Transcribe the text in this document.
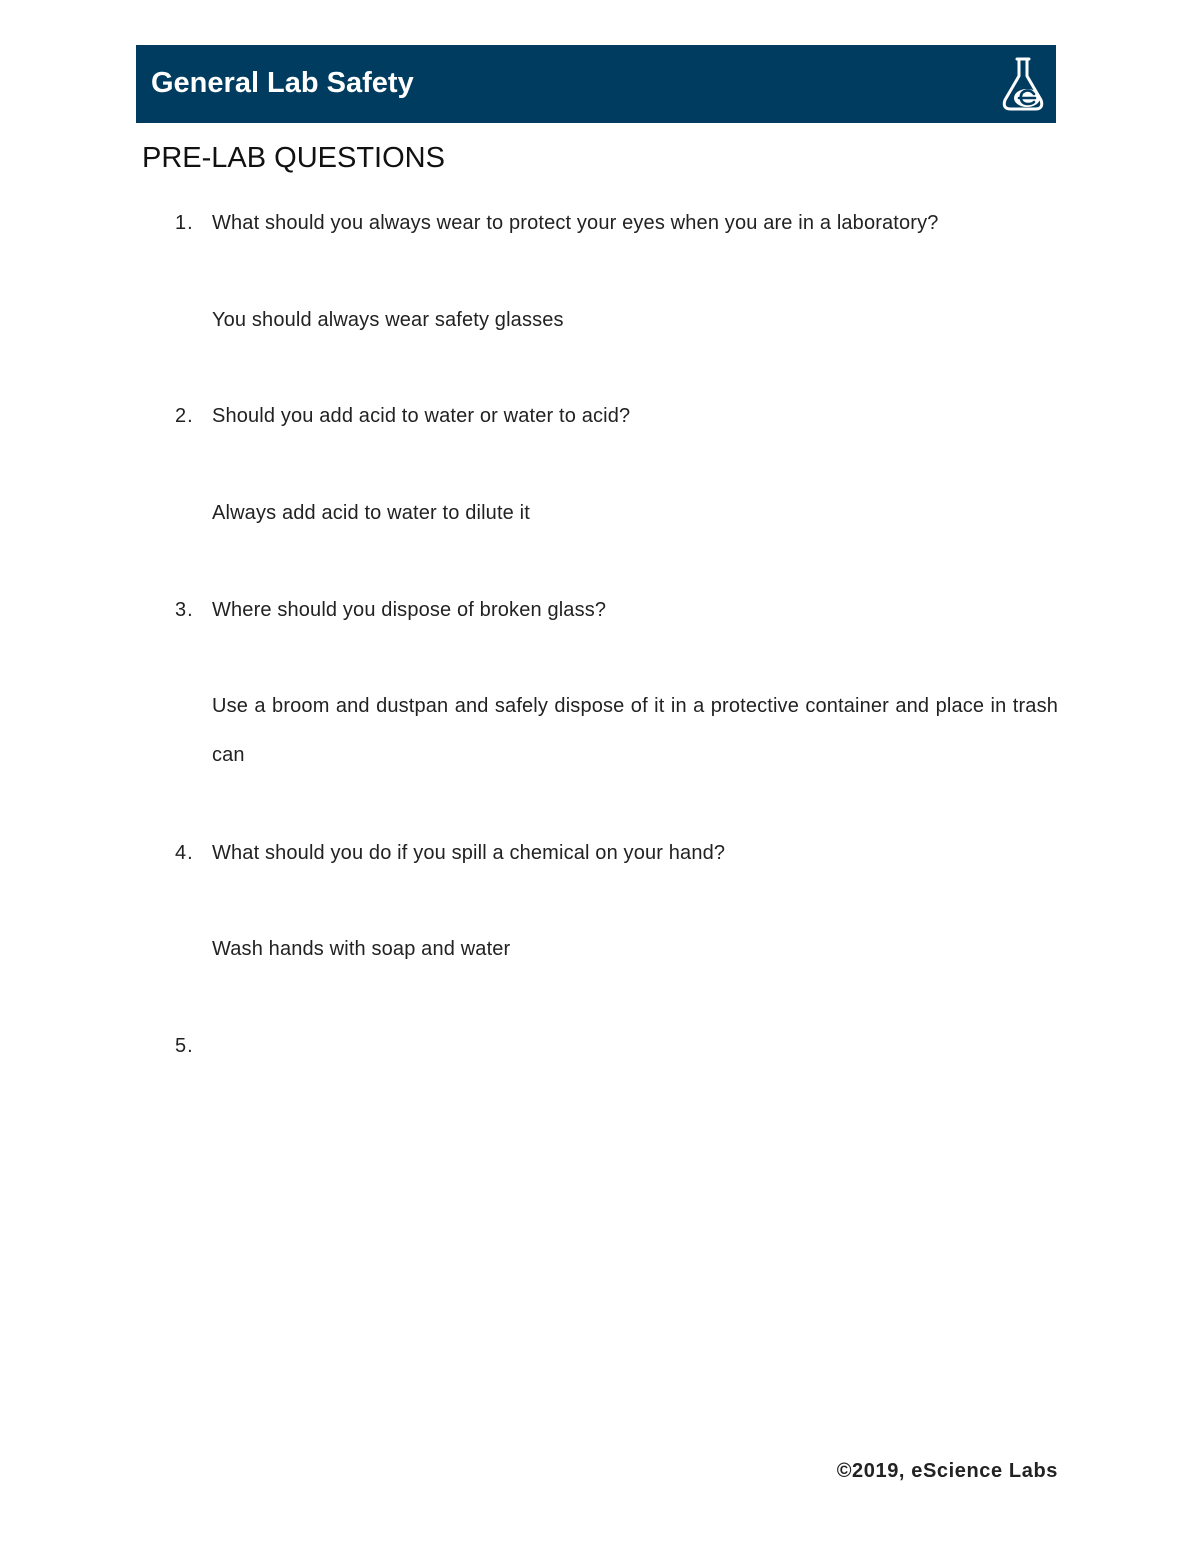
General Lab Safety
PRE-LAB QUESTIONS
1. What should you always wear to protect your eyes when you are in a laboratory?
You should always wear safety glasses
2. Should you add acid to water or water to acid?
Always add acid to water to dilute it
3. Where should you dispose of broken glass?
Use a broom and dustpan and safely dispose of it in a protective container and place in trash can
4. What should you do if you spill a chemical on your hand?
Wash hands with soap and water
5.
©2019, eScience Labs
